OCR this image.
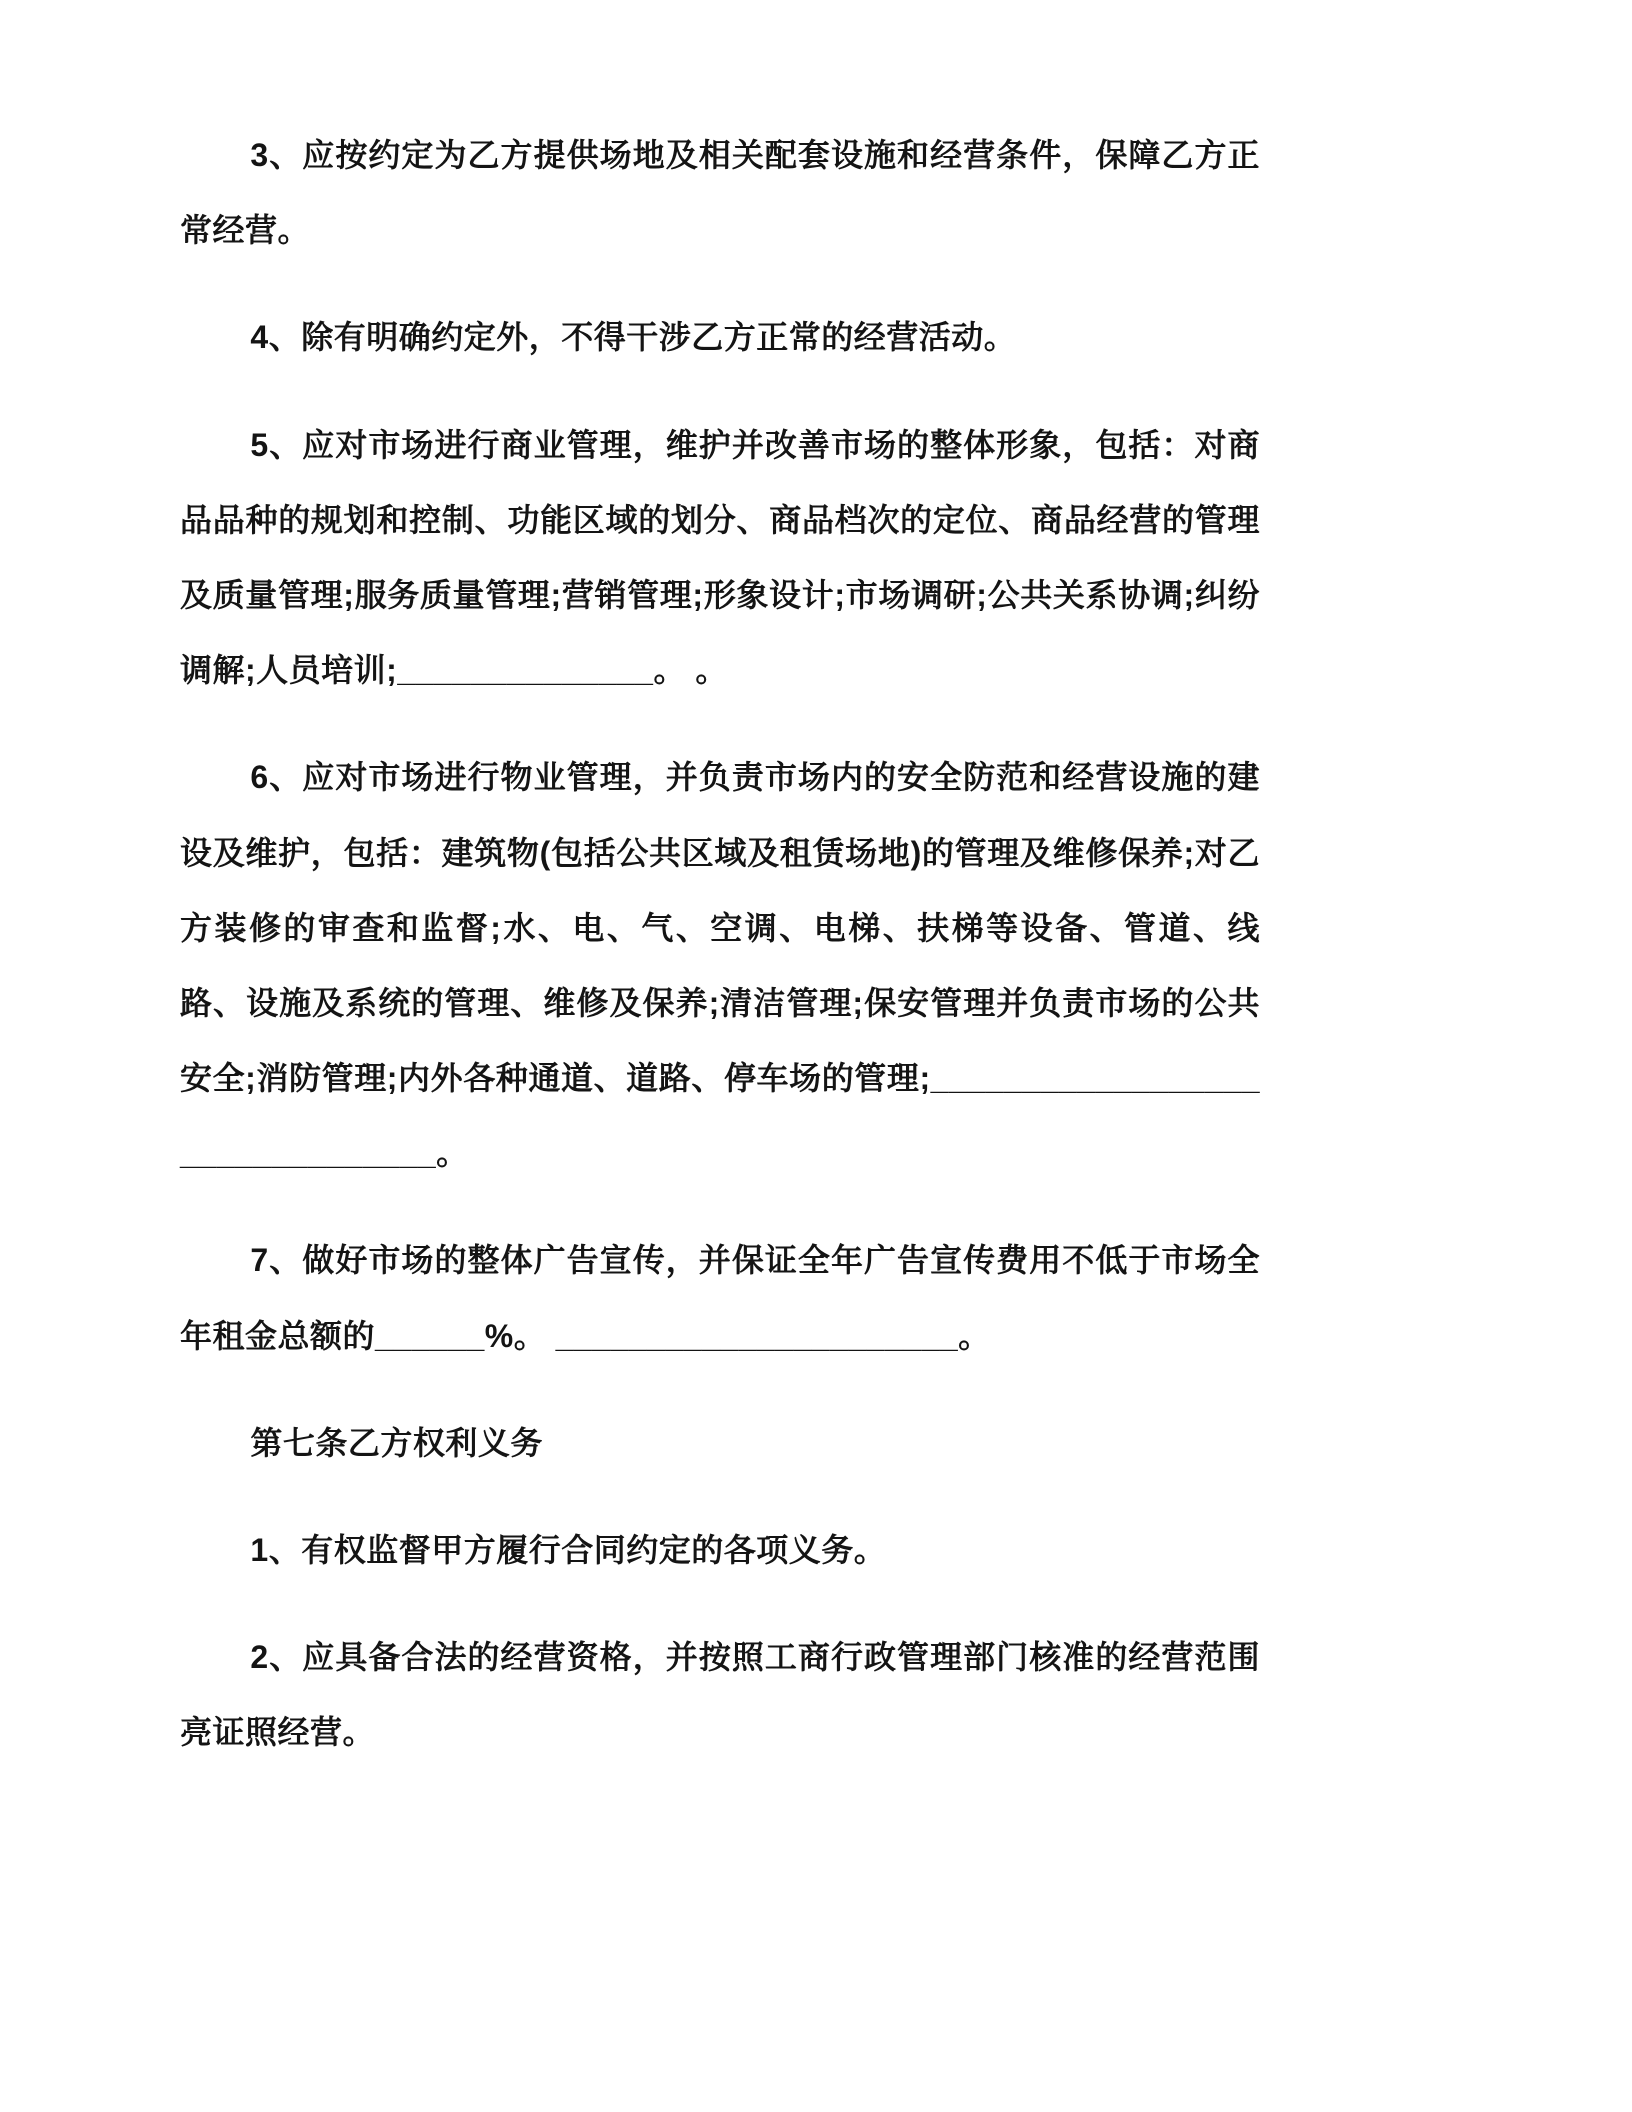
3、应按约定为乙方提供场地及相关配套设施和经营条件，保障乙方正常经营。

4、除有明确约定外，不得干涉乙方正常的经营活动。

5、应对市场进行商业管理，维护并改善市场的整体形象，包括：对商品品种的规划和控制、功能区域的划分、商品档次的定位、商品经营的管理及质量管理;服务质量管理;营销管理;形象设计;市场调研;公共关系协调;纠纷调解;人员培训;______________。 。

6、应对市场进行物业管理，并负责市场内的安全防范和经营设施的建设及维护，包括：建筑物(包括公共区域及租赁场地)的管理及维修保养;对乙方装修的审查和监督;水、电、气、空调、电梯、扶梯等设备、管道、线路、设施及系统的管理、维修及保养;清洁管理;保安管理并负责市场的公共安全;消防管理;内外各种通道、道路、停车场的管理;________________________________。

7、做好市场的整体广告宣传，并保证全年广告宣传费用不低于市场全年租金总额的______%。 ______________________。

第七条乙方权利义务

1、有权监督甲方履行合同约定的各项义务。

2、应具备合法的经营资格，并按照工商行政管理部门核准的经营范围亮证照经营。
